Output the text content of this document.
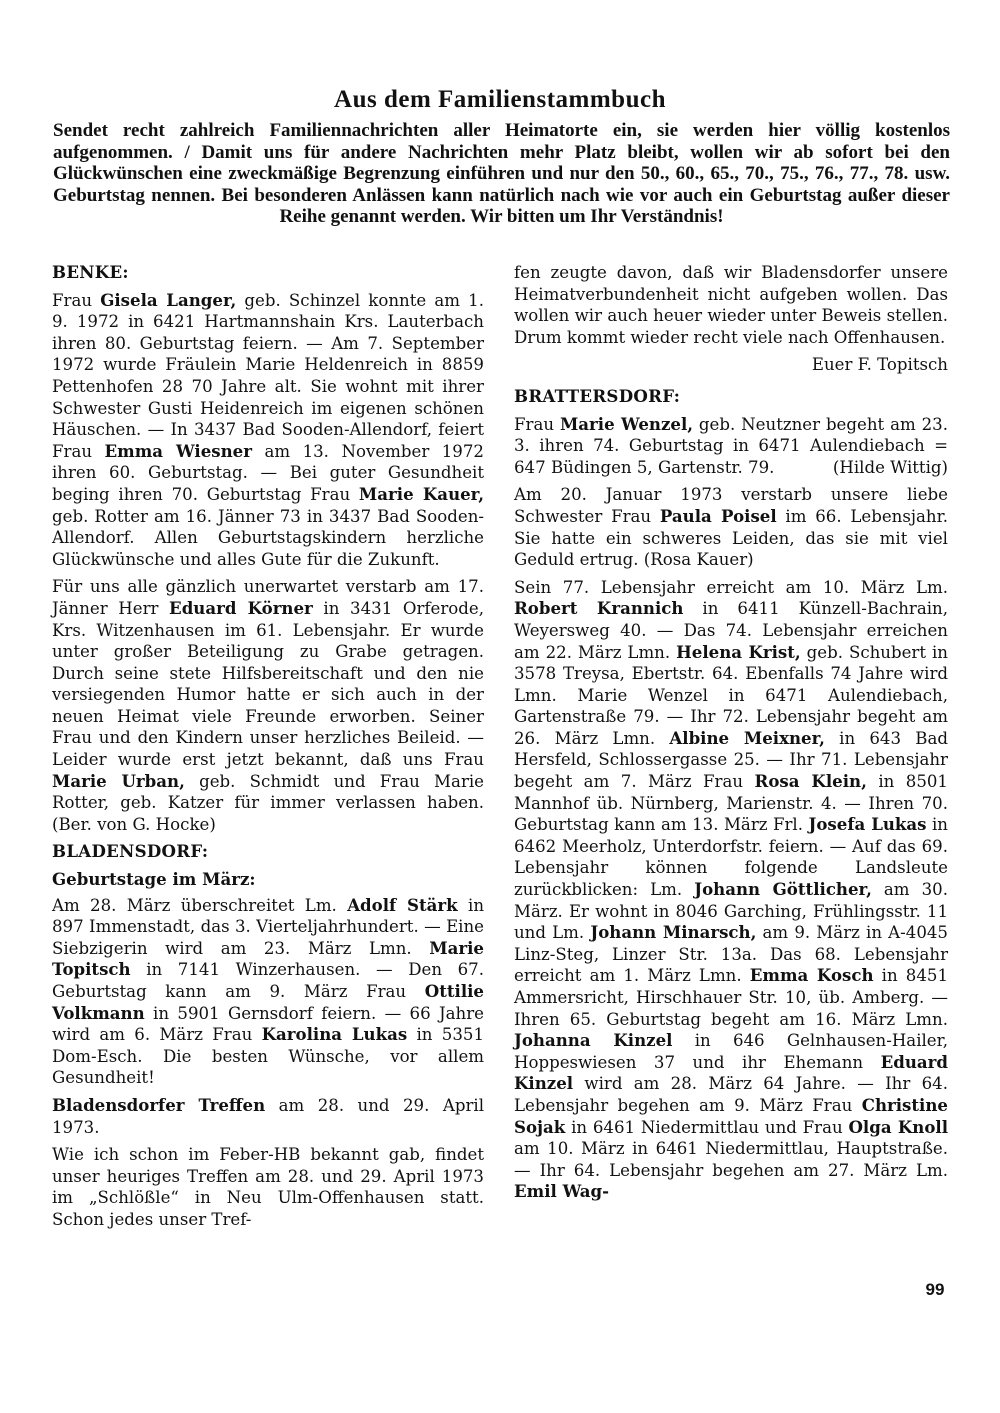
Aus dem Familienstammbuch
Sendet recht zahlreich Familiennachrichten aller Heimatorte ein, sie werden hier völlig kostenlos aufgenommen. / Damit uns für andere Nachrichten mehr Platz bleibt, wollen wir ab sofort bei den Glückwünschen eine zweckmäßige Begrenzung einführen und nur den 50., 60., 65., 70., 75., 76., 77., 78. usw. Geburtstag nennen. Bei besonderen Anlässen kann natürlich nach wie vor auch ein Geburtstag außer dieser Reihe genannt werden. Wir bitten um Ihr Verständnis!

BENKE:

Frau Gisela Langer, geb. Schinzel konnte am 1. 9. 1972 in 6421 Hartmannshain Krs. Lauterbach ihren 80. Geburtstag feiern. — Am 7. September 1972 wurde Fräulein Marie Heldenreich in 8859 Pettenhofen 28 70 Jahre alt. Sie wohnt mit ihrer Schwester Gusti Heidenreich im eigenen schönen Häuschen. — In 3437 Bad Sooden-Allendorf, feiert Frau Emma Wiesner am 13. November 1972 ihren 60. Geburtstag. — Bei guter Gesundheit beging ihren 70. Geburtstag Frau Marie Kauer, geb. Rotter am 16. Jänner 73 in 3437 Bad Sooden-Allendorf. Allen Geburtstagskindern herzliche Glückwünsche und alles Gute für die Zukunft.

Für uns alle gänzlich unerwartet verstarb am 17. Jänner Herr Eduard Körner in 3431 Orferode, Krs. Witzenhausen im 61. Lebensjahr. Er wurde unter großer Beteiligung zu Grabe getragen. Durch seine stete Hilfsbereitschaft und den nie versiegenden Humor hatte er sich auch in der neuen Heimat viele Freunde erworben. Seiner Frau und den Kindern unser herzliches Beileid. — Leider wurde erst jetzt bekannt, daß uns Frau Marie Urban, geb. Schmidt und Frau Marie Rotter, geb. Katzer für immer verlassen haben. (Ber. von G. Hocke)

BLADENSDORF:

Geburtstage im März:

Am 28. März überschreitet Lm. Adolf Stärk in 897 Immenstadt, das 3. Vierteljahrhundert. — Eine Siebzigerin wird am 23. März Lmn. Marie Topitsch in 7141 Winzerhausen. — Den 67. Geburtstag kann am 9. März Frau Ottilie Volkmann in 5901 Gernsdorf feiern. — 66 Jahre wird am 6. März Frau Karolina Lukas in 5351 Dom-Esch. Die besten Wünsche, vor allem Gesundheit!

Bladensdorfer Treffen am 28. und 29. April 1973.

Wie ich schon im Feber-HB bekannt gab, findet unser heuriges Treffen am 28. und 29. April 1973 im „Schlößle“ in Neu Ulm-Offenhausen statt. Schon jedes unser Tref-

fen zeugte davon, daß wir Bladensdorfer unsere Heimatverbundenheit nicht aufgeben wollen. Das wollen wir auch heuer wieder unter Beweis stellen. Drum kommt wieder recht viele nach Offenhausen.

Euer F. Topitsch

BRATTERSDORF:

Frau Marie Wenzel, geb. Neutzner begeht am 23. 3. ihren 74. Geburtstag in 6471 Aulendiebach = 647 Büdingen 5, Gartenstr. 79.	(Hilde Wittig)

Am 20. Januar 1973 verstarb unsere liebe Schwester Frau Paula Poisel im 66. Lebensjahr. Sie hatte ein schweres Leiden, das sie mit viel Geduld ertrug. (Rosa Kauer)

Sein 77. Lebensjahr erreicht am 10. März Lm. Robert Krannich in 6411 Künzell-Bachrain, Weyersweg 40. — Das 74. Lebensjahr erreichen am 22. März Lmn. Helena Krist, geb. Schubert in 3578 Treysa, Ebertstr. 64. Ebenfalls 74 Jahre wird Lmn. Marie Wenzel in 6471 Aulendiebach, Gartenstraße 79. — Ihr 72. Lebensjahr begeht am 26. März Lmn. Albine Meixner, in 643 Bad Hersfeld, Schlossergasse 25. — Ihr 71. Lebensjahr begeht am 7. März Frau Rosa Klein, in 8501 Mannhof üb. Nürnberg, Marienstr. 4. — Ihren 70. Geburtstag kann am 13. März Frl. Josefa Lukas in 6462 Meerholz, Unterdorfstr. feiern. — Auf das 69. Lebensjahr können folgende Landsleute zurückblicken: Lm. Johann Göttlicher, am 30. März. Er wohnt in 8046 Garching, Frühlingsstr. 11 und Lm. Johann Minarsch, am 9. März in A-4045 Linz-Steg, Linzer Str. 13a. Das 68. Lebensjahr erreicht am 1. März Lmn. Emma Kosch in 8451 Ammersricht, Hirschhauer Str. 10, üb. Amberg. — Ihren 65. Geburtstag begeht am 16. März Lmn. Johanna Kinzel in 646 Gelnhausen-Hailer, Hoppeswiesen 37 und ihr Ehemann Eduard Kinzel wird am 28. März 64 Jahre. — Ihr 64. Lebensjahr begehen am 9. März Frau Christine Sojak in 6461 Niedermittlau und Frau Olga Knoll am 10. März in 6461 Niedermittlau, Hauptstraße. — Ihr 64. Lebensjahr begehen am 27. März Lm. Emil Wag-

99
